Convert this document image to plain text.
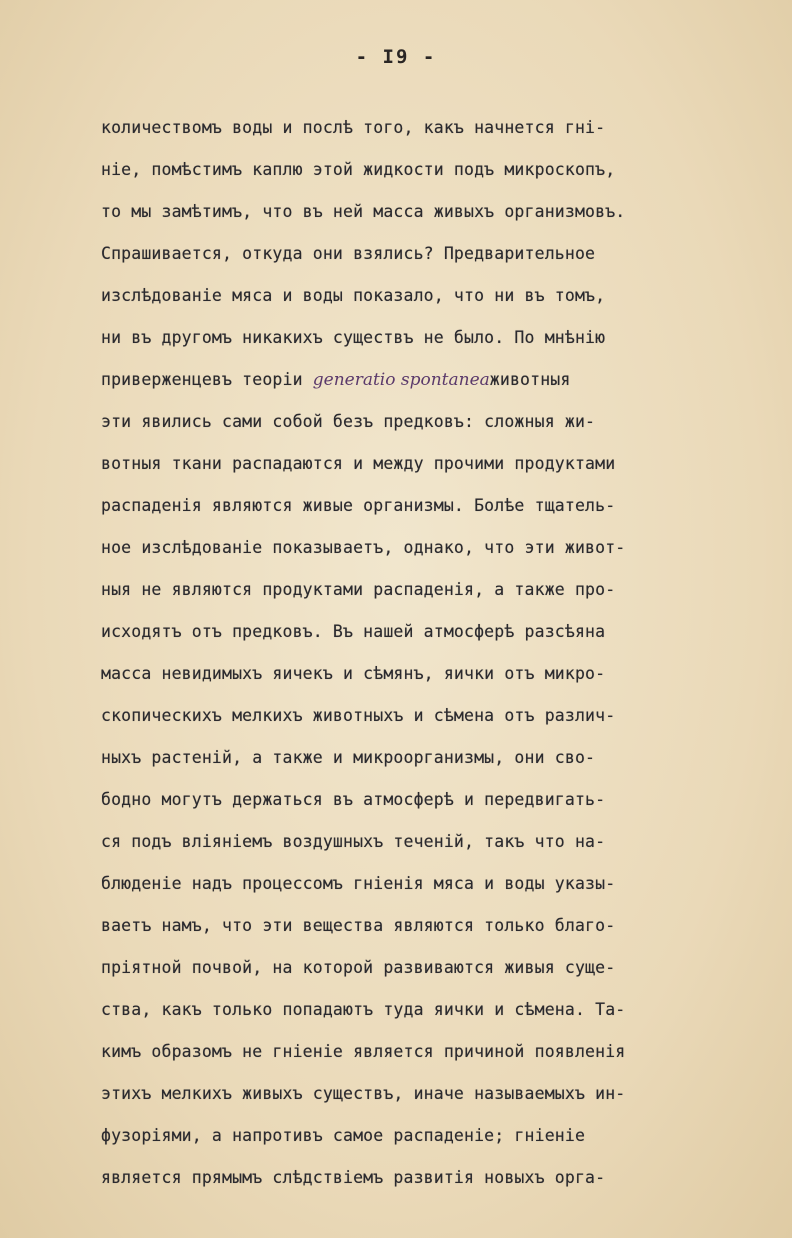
- I9 -
количествомъ воды и послѣ того, какъ начнется гні-
ніе, помѣстимъ каплю этой жидкости подъ микроскопъ,
то мы замѣтимъ, что въ ней масса живыхъ организмовъ.
Спрашивается, откуда они взялись? Предварительное
изслѣдованіе мяса и воды показало, что ни въ томъ,
ни въ другомъ никакихъ существъ не было. По мнѣнію
приверженцевъ теоріи generatio spontaneaживотныя
эти явились сами собой безъ предковъ: сложныя жи-
вотныя ткани распадаются и между прочими продуктами
распаденія являются живые организмы. Болѣе тщатель-
ное изслѣдованіе показываетъ, однако, что эти живот-
ныя не являются продуктами распаденія, а также про-
исходятъ отъ предковъ. Въ нашей атмосферѣ разсѣяна
масса невидимыхъ яичекъ и сѣмянъ, яички отъ микро-
скопическихъ мелкихъ животныхъ и сѣмена отъ различ-
ныхъ растеній, а также и микроорганизмы, они сво-
бодно могутъ держаться въ атмосферѣ и передвигать-
ся подъ вліяніемъ воздушныхъ теченій, такъ что на-
блюденіе надъ процессомъ гніенія мяса и воды указы-
ваетъ намъ, что эти вещества являются только благо-
пріятной почвой, на которой развиваются живыя суще-
ства, какъ только попадаютъ туда яички и сѣмена. Та-
кимъ образомъ не гніеніе является причиной появленія
этихъ мелкихъ живыхъ существъ, иначе называемыхъ ин-
фузоріями, а напротивъ самое распаденіе; гніеніе
является прямымъ слѣдствіемъ развитія новыхъ орга-
